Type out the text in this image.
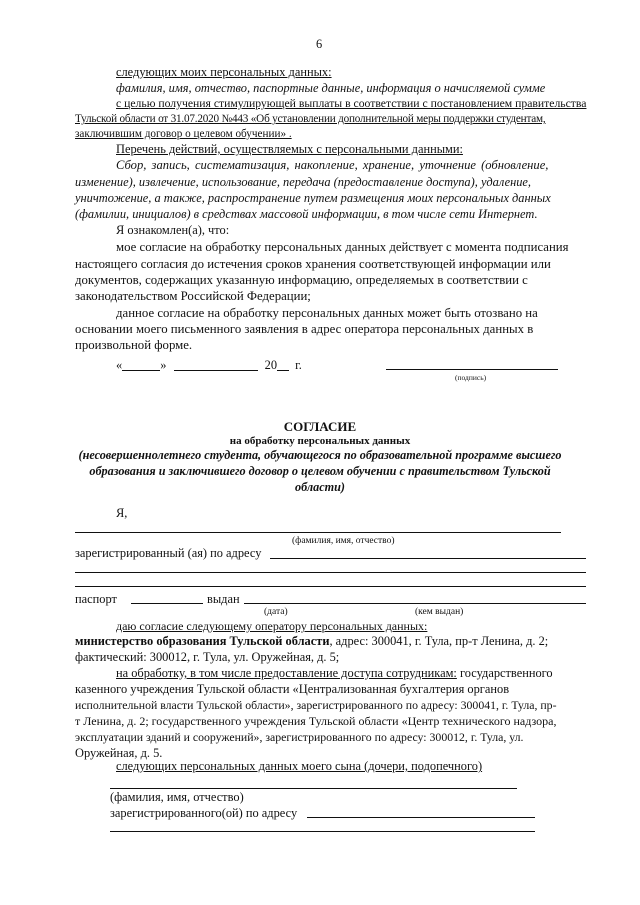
6
следующих моих персональных данных:
фамилия, имя, отчество, паспортные данные, информация о начисляемой сумме
с целью получения стимулирующей выплаты в соответствии с постановлением правительства
Тульской области от 31.07.2020 №443 «Об установлении дополнительной меры поддержки студентам,
заключившим договор о целевом обучении» .
Перечень действий, осуществляемых с персональными данными:
Сбор, запись, систематизация, накопление, хранение, уточнение (обновление,
изменение), извлечение, использование, передача (предоставление доступа), удаление,
уничтожение, а также, распространение путем размещения моих персональных данных
(фамилии, инициалов) в средствах массовой информации, в том числе сети Интернет.
Я ознакомлен(а), что:
мое согласие на обработку персональных данных действует с момента подписания
настоящего согласия до истечения сроков хранения соответствующей информации или
документов, содержащих указанную информацию, определяемых в соответствии с
законодательством Российской Федерации;
данное согласие на обработку персональных данных может быть отозвано на
основании моего письменного заявления в адрес оператора персональных данных в
произвольной форме.
«	»	20 г.
(подпись)
СОГЛАСИЕ
на обработку персональных данных
(несовершеннолетнего студента, обучающегося по образовательной программе высшего
образования и заключившего договор о целевом обучении с правительством Тульской
области)
Я,
(фамилия, имя, отчество)
зарегистрированный (ая) по адресу
паспорт	выдан
(дата)	(кем выдан)
даю согласие следующему оператору персональных данных:
министерство образования Тульской области, адрес: 300041, г. Тула, пр-т Ленина, д. 2;
фактический: 300012, г. Тула, ул. Оружейная, д. 5;
на обработку, в том числе предоставление доступа сотрудникам: государственного
казенного учреждения Тульской области «Централизованная бухгалтерия органов
исполнительной власти Тульской области», зарегистрированного по адресу: 300041, г. Тула, пр-
т Ленина, д. 2; государственного учреждения Тульской области «Центр технического надзора,
эксплуатации зданий и сооружений», зарегистрированного по адресу: 300012, г. Тула, ул.
Оружейная, д. 5.
следующих персональных данных моего сына (дочери, подопечного)
(фамилия, имя, отчество)
зарегистрированного(ой) по адресу
